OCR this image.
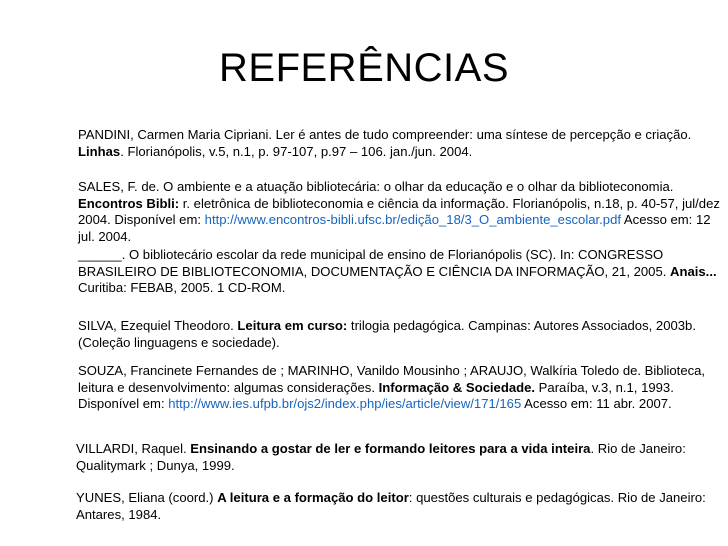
REFERÊNCIAS
PANDINI, Carmen Maria Cipriani. Ler é antes de tudo compreender: uma síntese de percepção e criação. Linhas. Florianópolis, v.5, n.1, p. 97-107, p.97 – 106. jan./jun. 2004.
SALES, F. de. O ambiente e a atuação bibliotecária: o olhar da educação e o olhar da biblioteconomia. Encontros Bibli: r. eletrônica de biblioteconomia e ciência da informação. Florianópolis, n.18, p. 40-57, jul/dez 2004. Disponível em: http://www.encontros-bibli.ufsc.br/edição_18/3_O_ambiente_escolar.pdf Acesso em: 12 jul. 2004.
______. O bibliotecário escolar da rede municipal de ensino de Florianópolis (SC). In: CONGRESSO BRASILEIRO DE BIBLIOTECONOMIA, DOCUMENTAÇÃO E CIÊNCIA DA INFORMAÇÃO, 21, 2005. Anais... Curitiba: FEBAB, 2005. 1 CD-ROM.
SILVA, Ezequiel Theodoro. Leitura em curso: trilogia pedagógica. Campinas: Autores Associados, 2003b. (Coleção linguagens e sociedade).
SOUZA, Francinete Fernandes de ; MARINHO, Vanildo Mousinho ; ARAUJO, Walkíria Toledo de. Biblioteca, leitura e desenvolvimento: algumas considerações. Informação & Sociedade. Paraíba, v.3, n.1, 1993. Disponível em: http://www.ies.ufpb.br/ojs2/index.php/ies/article/view/171/165 Acesso em: 11 abr. 2007.
VILLARDI, Raquel. Ensinando a gostar de ler e formando leitores para a vida inteira. Rio de Janeiro: Qualitymark ; Dunya, 1999.
YUNES, Eliana (coord.) A leitura e a formação do leitor: questões culturais e pedagógicas. Rio de Janeiro: Antares, 1984.
